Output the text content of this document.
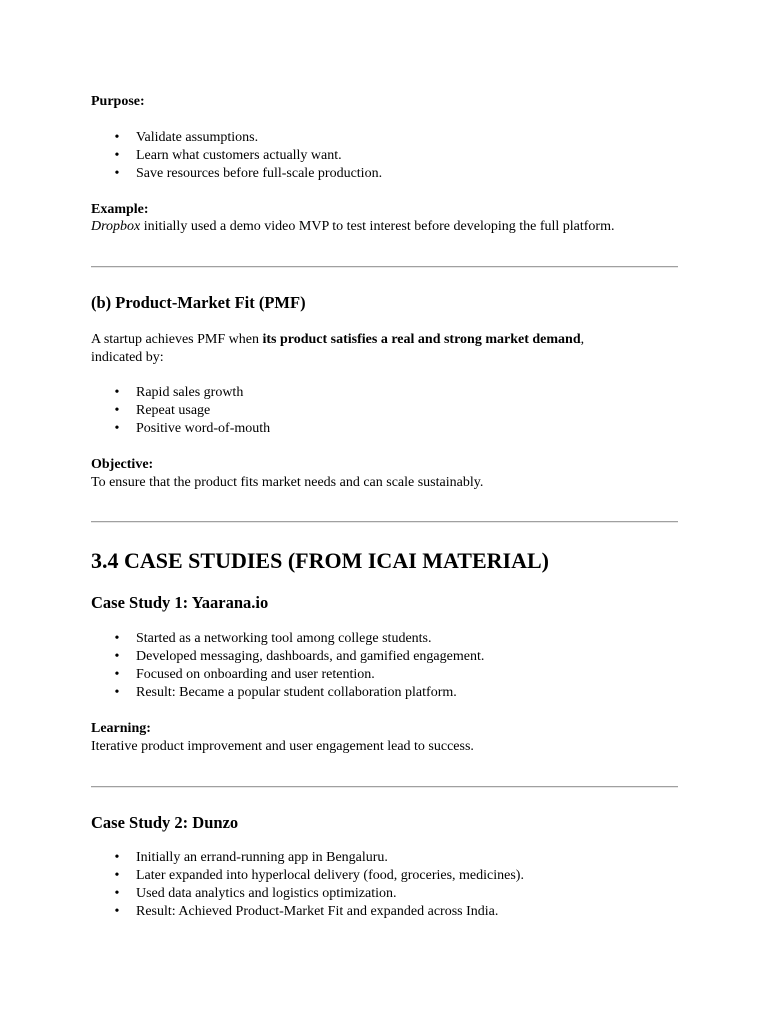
Purpose:
• Validate assumptions.
• Learn what customers actually want.
• Save resources before full-scale production.
Example:
Dropbox initially used a demo video MVP to test interest before developing the full platform.
(b) Product-Market Fit (PMF)
A startup achieves PMF when its product satisfies a real and strong market demand,
indicated by:
• Rapid sales growth
• Repeat usage
• Positive word-of-mouth
Objective:
To ensure that the product fits market needs and can scale sustainably.
3.4 CASE STUDIES (FROM ICAI MATERIAL)
Case Study 1: Yaarana.io
• Started as a networking tool among college students.
• Developed messaging, dashboards, and gamified engagement.
• Focused on onboarding and user retention.
• Result: Became a popular student collaboration platform.
Learning:
Iterative product improvement and user engagement lead to success.
Case Study 2: Dunzo
• Initially an errand-running app in Bengaluru.
• Later expanded into hyperlocal delivery (food, groceries, medicines).
• Used data analytics and logistics optimization.
• Result: Achieved Product-Market Fit and expanded across India.
